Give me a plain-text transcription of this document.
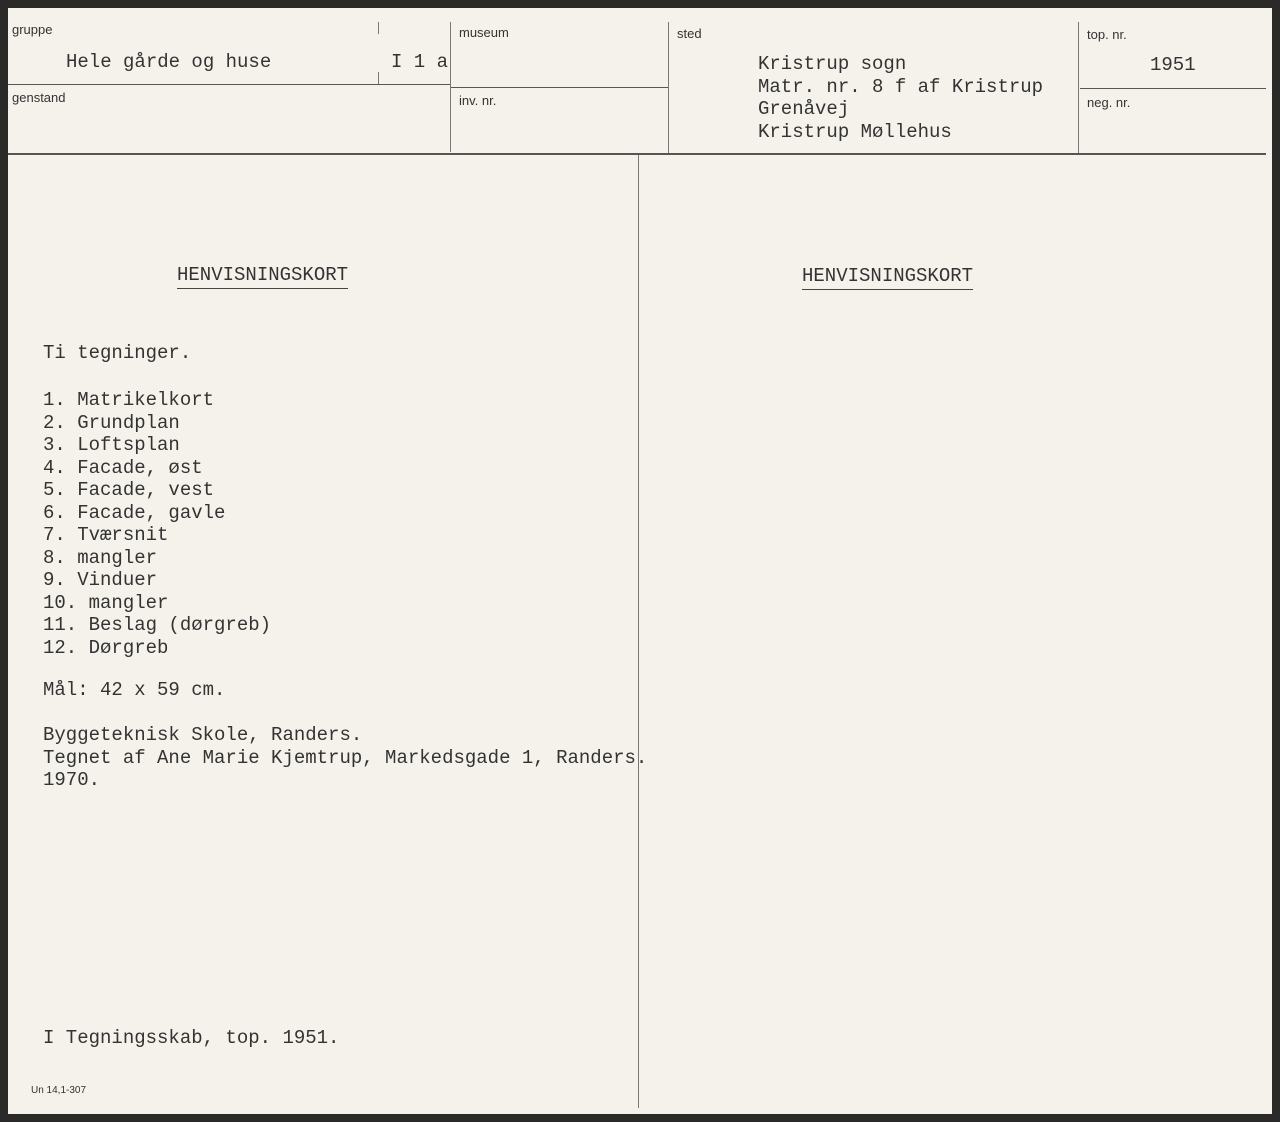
gruppe
Hele gårde og huse	I 1 a
genstand
museum
inv. nr.
sted
Kristrup sogn
Matr. nr. 8 f af Kristrup
Grenåvej
Kristrup Møllehus
top. nr.
1951
neg. nr.
HENVISNINGSKORT
Ti tegninger.
1. Matrikelkort
2. Grundplan
3. Loftsplan
4. Facade, øst
5. Facade, vest
6. Facade, gavle
7. Tværsnit
8. mangler
9. Vinduer
10. mangler
11. Beslag (dørgreb)
12. Dørgreb
Mål: 42 x 59 cm.
Byggeteknisk Skole, Randers.
Tegnet af Ane Marie Kjemtrup, Markedsgade 1, Randers.
1970.
I Tegningsskab, top. 1951.
Un 14,1-307
HENVISNINGSKORT
